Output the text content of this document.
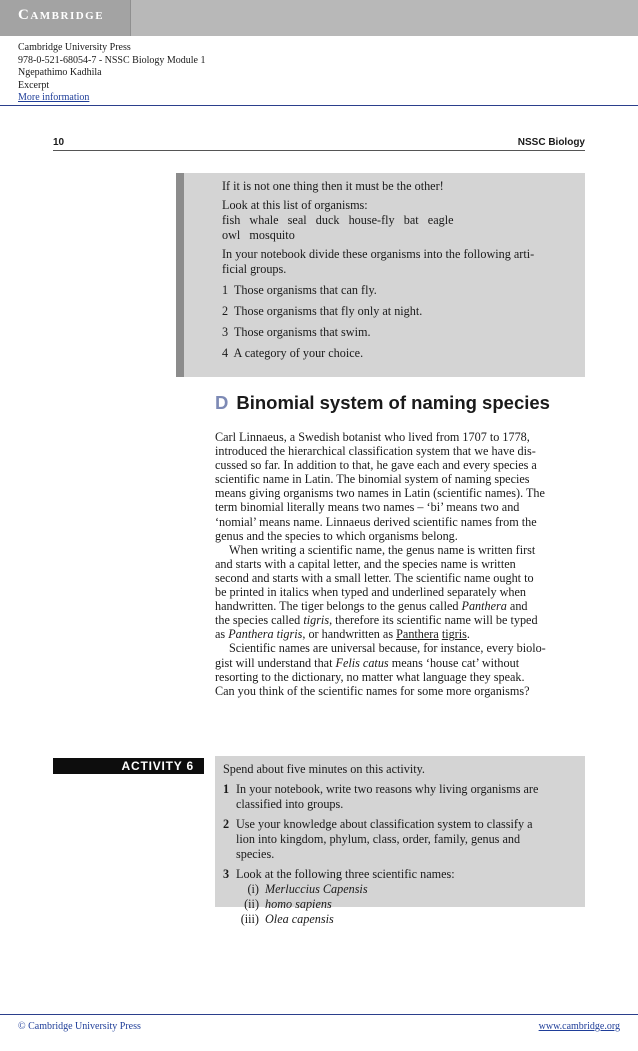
Cambridge
Cambridge University Press
978-0-521-68054-7 - NSSC Biology Module 1
Ngepathimo Kadhila
Excerpt
More information
10	NSSC Biology

If it is not one thing then it must be the other!

Look at this list of organisms:

fish   whale   seal   duck   house-fly   bat   eagle

owl   mosquito

In your notebook divide these organisms into the following arti-

ficial groups.

1 Those organisms that can fly.

2 Those organisms that fly only at night.

3 Those organisms that swim.

4 A category of your choice.

D Binomial system of naming species
Carl Linnaeus, a Swedish botanist who lived from 1707 to 1778,
introduced the hierarchical classification system that we have dis-
cussed so far. In addition to that, he gave each and every species a
scientific name in Latin. The binomial system of naming species
means giving organisms two names in Latin (scientific names). The
term binomial literally means two names – ‘bi’ means two and
‘nomial’ means name. Linnaeus derived scientific names from the
genus and the species to which organisms belong.
When writing a scientific name, the genus name is written first
and starts with a capital letter, and the species name is written
second and starts with a small letter. The scientific name ought to
be printed in italics when typed and underlined separately when
handwritten. The tiger belongs to the genus called Panthera and
the species called tigris, therefore its scientific name will be typed
as Panthera tigris, or handwritten as Panthera tigris.
Scientific names are universal because, for instance, every biolo-
gist will understand that Felis catus means ‘house cat’ without
resorting to the dictionary, no matter what language they speak.
Can you think of the scientific names for some more organisms?
ACTIVITY 6	Spend about five minutes on this activity.
1 In your notebook, write two reasons why living organisms are
classified into groups.
2 Use your knowledge about classification system to classify a
lion into kingdom, phylum, class, order, family, genus and
species.
3 Look at the following three scientific names:
(i) Merluccius Capensis
(ii) homo sapiens
(iii) Olea capensis
© Cambridge University Press	www.cambridge.org
